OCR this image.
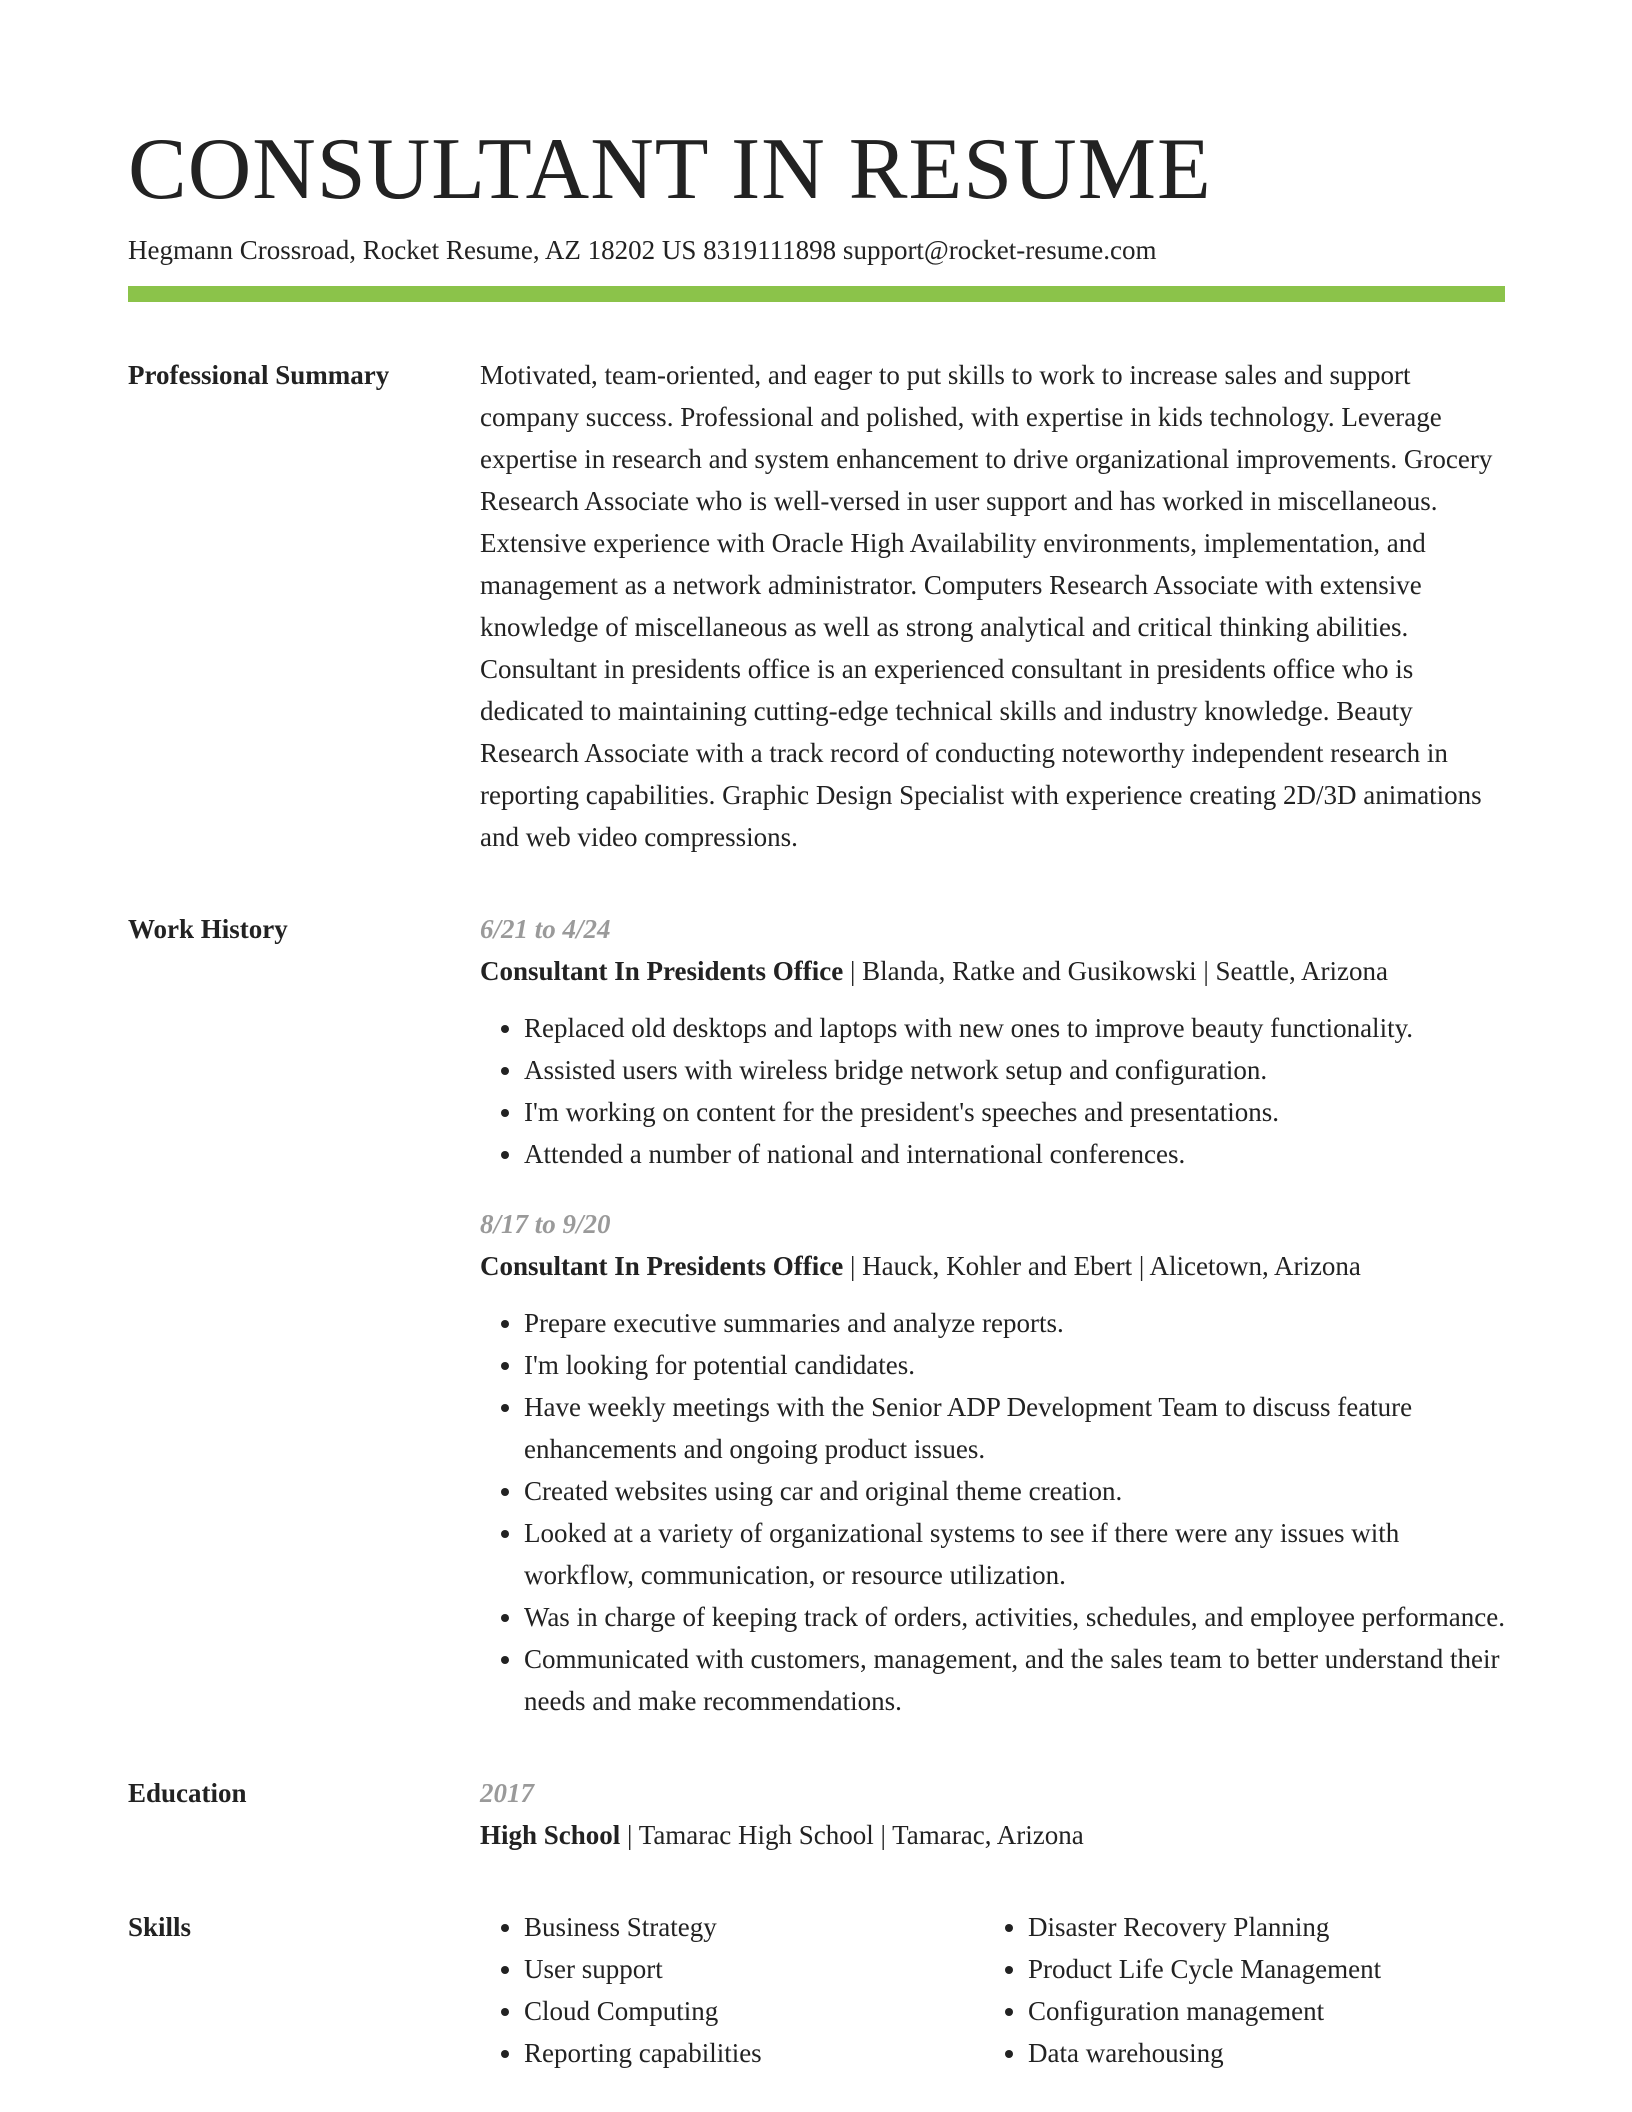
CONSULTANT IN RESUME
Hegmann Crossroad, Rocket Resume, AZ 18202 US 8319111898 support@rocket-resume.com
Professional Summary	Motivated, team-oriented, and eager to put skills to work to increase sales and support company success. Professional and polished, with expertise in kids technology. Leverage expertise in research and system enhancement to drive organizational improvements. Grocery Research Associate who is well-versed in user support and has worked in miscellaneous. Extensive experience with Oracle High Availability environments, implementation, and management as a network administrator. Computers Research Associate with extensive knowledge of miscellaneous as well as strong analytical and critical thinking abilities. Consultant in presidents office is an experienced consultant in presidents office who is dedicated to maintaining cutting-edge technical skills and industry knowledge. Beauty Research Associate with a track record of conducting noteworthy independent research in reporting capabilities. Graphic Design Specialist with experience creating 2D/3D animations and web video compressions.

Work History	6/21 to 4/24
Consultant In Presidents Office | Blanda, Ratke and Gusikowski | Seattle, Arizona
• Replaced old desktops and laptops with new ones to improve beauty functionality.
• Assisted users with wireless bridge network setup and configuration.
• I'm working on content for the president's speeches and presentations.
• Attended a number of national and international conferences.
8/17 to 9/20
Consultant In Presidents Office | Hauck, Kohler and Ebert | Alicetown, Arizona
• Prepare executive summaries and analyze reports.
• I'm looking for potential candidates.
• Have weekly meetings with the Senior ADP Development Team to discuss feature enhancements and ongoing product issues.
• Created websites using car and original theme creation.
• Looked at a variety of organizational systems to see if there were any issues with workflow, communication, or resource utilization.
• Was in charge of keeping track of orders, activities, schedules, and employee performance.
• Communicated with customers, management, and the sales team to better understand their needs and make recommendations.
Education	2017
High School | Tamarac High School | Tamarac, Arizona
Skills
•	Business Strategy
• User support
• Cloud Computing
• Reporting capabilities
• Disaster Recovery Planning
• Product Life Cycle Management
• Configuration management
• Data warehousing
